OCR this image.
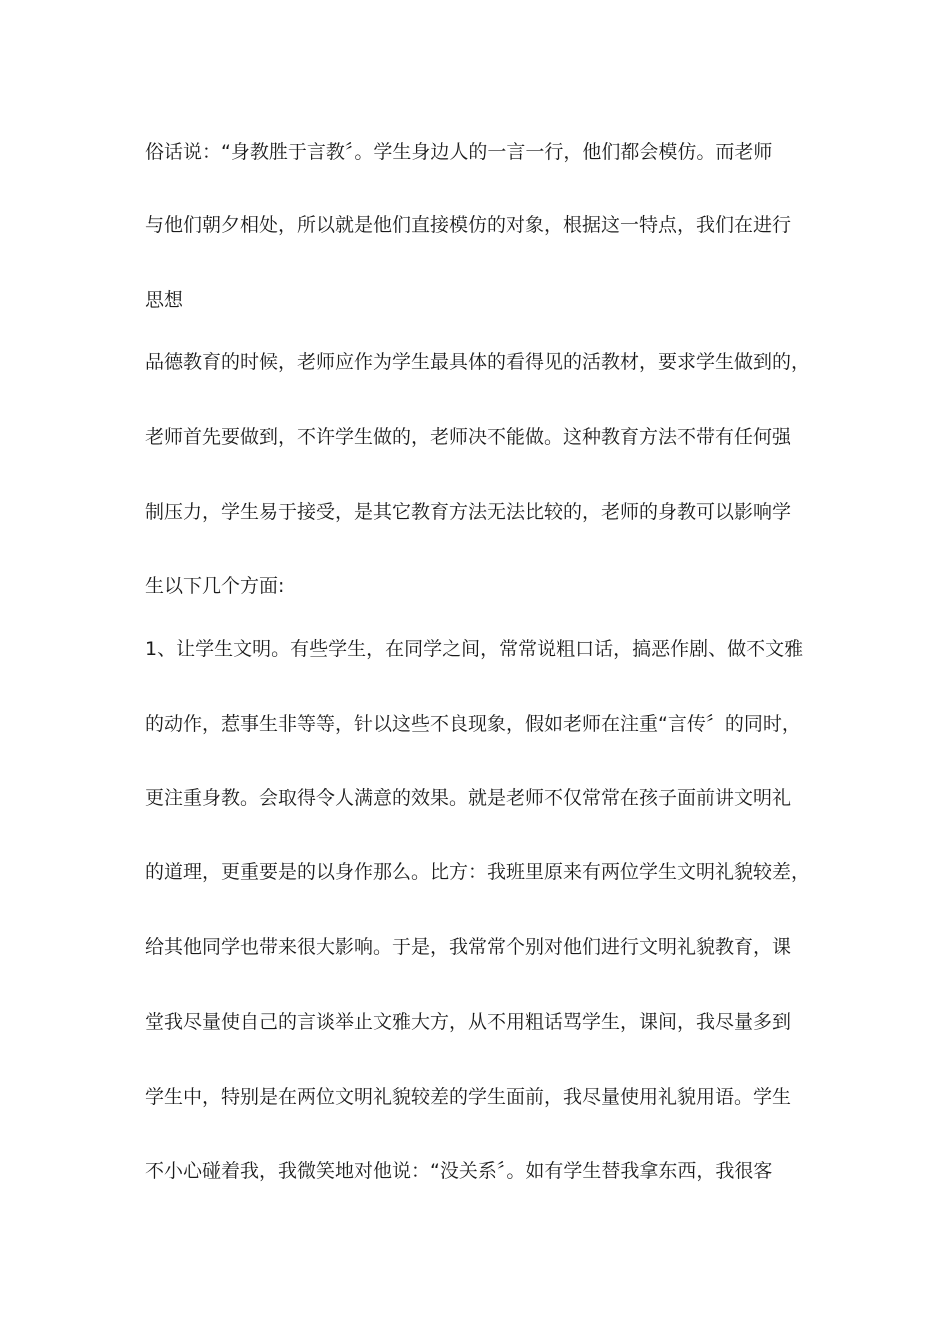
俗话说：“身教胜于言教〞。学生身边人的一言一行，他们都会模仿。而老师

与他们朝夕相处，所以就是他们直接模仿的对象，根据这一特点，我们在进行

思想

品德教育的时候，老师应作为学生最具体的看得见的活教材，要求学生做到的，

老师首先要做到，不许学生做的，老师决不能做。这种教育方法不带有任何强

制压力，学生易于接受，是其它教育方法无法比较的，老师的身教可以影响学

生以下几个方面:

1、让学生文明。有些学生，在同学之间，常常说粗口话，搞恶作剧、做不文雅

的动作，惹事生非等等，针以这些不良现象，假如老师在注重“言传〞的同时，

更注重身教。会取得令人满意的效果。就是老师不仅常常在孩子面前讲文明礼

的道理，更重要是的以身作那么。比方：我班里原来有两位学生文明礼貌较差，

给其他同学也带来很大影响。于是，我常常个别对他们进行文明礼貌教育，课

堂我尽量使自己的言谈举止文雅大方，从不用粗话骂学生，课间，我尽量多到

学生中，特别是在两位文明礼貌较差的学生面前，我尽量使用礼貌用语。学生

不小心碰着我，我微笑地对他说：“没关系〞。如有学生替我拿东西，我很客
